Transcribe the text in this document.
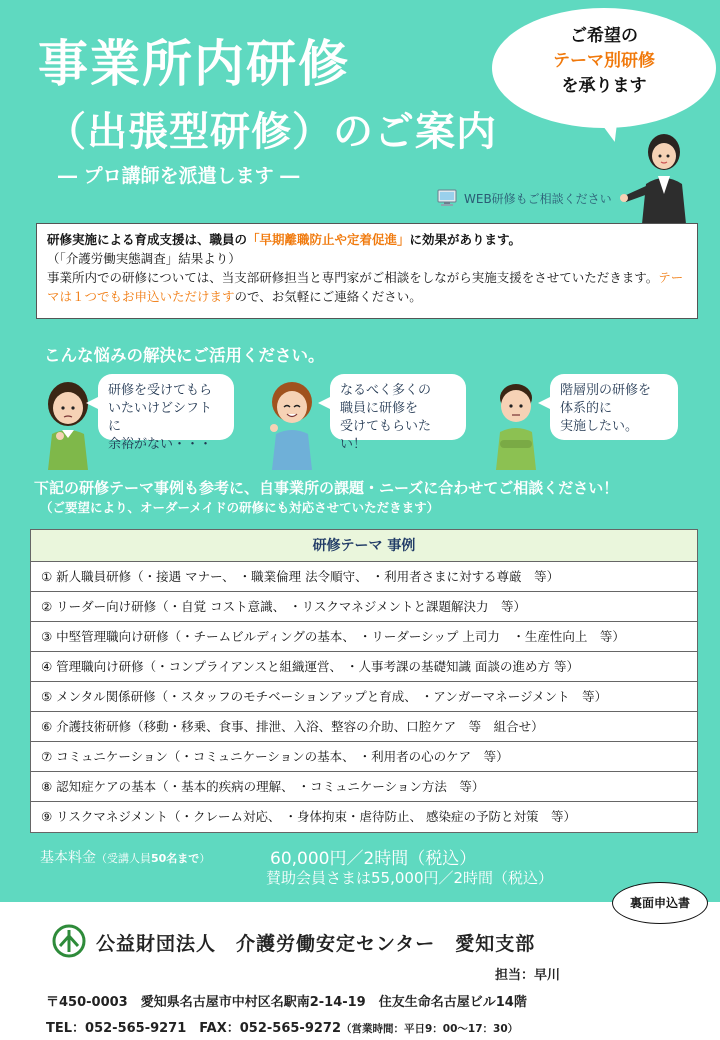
事業所内研修
（出張型研修）のご案内
― プロ講師を派遣します ―
ご希望の
テーマ別研修
を承ります
WEB研修もご相談ください
研修実施による育成支援は、職員の「早期離職防止や定着促進」に効果があります。
（「介護労働実態調査」結果より）
事業所内での研修については、当支部研修担当と専門家がご相談をしながら実施支援をさせていただきます。テーマは１つでもお申込いただけますので、お気軽にご連絡ください。
こんな悩みの解決にご活用ください。
研修を受けてもら
いたいけどシフトに
余裕がない・・・
なるべく多くの
職員に研修を
受けてもらいたい！
階層別の研修を
体系的に
実施したい。
下記の研修テーマ事例も参考に、自事業所の課題・ニーズに合わせてご相談ください！
（ご要望により、オーダーメイドの研修にも対応させていただきます）
研修テーマ 事例
① 新人職員研修（・接遇 マナー、 ・職業倫理 法令順守、 ・利用者さまに対する尊厳　等）
② リーダー向け研修（・自覚 コスト意識、 ・リスクマネジメントと課題解決力　等）
③ 中堅管理職向け研修（・チームビルディングの基本、 ・リーダーシップ 上司力　・生産性向上　等）
④ 管理職向け研修（・コンプライアンスと組織運営、 ・人事考課の基礎知識 面談の進め方 等）
⑤ メンタル関係研修（・スタッフのモチベーションアップと育成、 ・アンガーマネージメント　等）
⑥ 介護技術研修（移動・移乗、食事、排泄、入浴、整容の介助、口腔ケア　等　組合せ）
⑦ コミュニケーション（・コミュニケーションの基本、 ・利用者の心のケア　等）
⑧ 認知症ケアの基本（・基本的疾病の理解、 ・コミュニケーション方法　等）
⑨ リスクマネジメント（・クレーム対応、 ・身体拘束・虐待防止、 感染症の予防と対策　等）
基本料金（受講人員50名まで）	60,000円／2時間（税込）
賛助会員さまは55,000円／2時間（税込）
裏面申込書
公益財団法人　介護労働安定センター　愛知支部
担当：早川
〒450-0003　愛知県名古屋市中村区名駅南2-14-19　住友生命名古屋ビル14階
TEL：052-565-9271　FAX：052-565-9272（営業時間：平日9：00～17：30）
